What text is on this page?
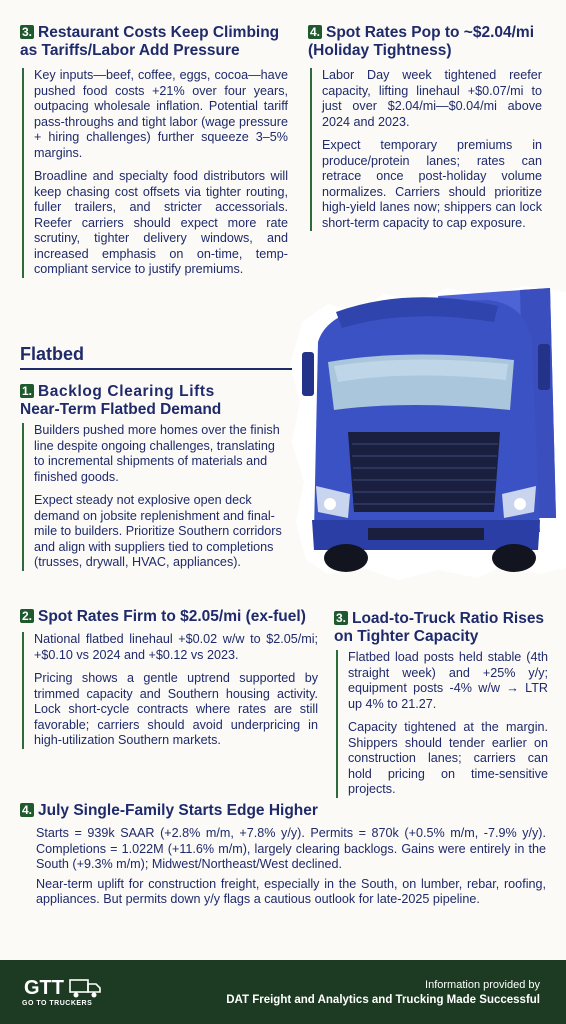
3. Restaurant Costs Keep Climbing
as Tariffs/Labor Add Pressure

Key inputs—beef, coffee, eggs, cocoa—have pushed food costs +21% over four years, outpacing wholesale inflation. Potential tariff pass-throughs and tight labor (wage pressure + hiring challenges) further squeeze 3–5% margins.

Broadline and specialty food distributors will keep chasing cost offsets via tighter routing, fuller trailers, and stricter accessorials. Reefer carriers should expect more rate scrutiny, tighter delivery windows, and increased emphasis on on-time, temp-compliant service to justify premiums.

4. Spot Rates Pop to ~$2.04/mi
(Holiday Tightness)

Labor Day week tightened reefer capacity, lifting linehaul +$0.07/mi to just over $2.04/mi—$0.04/mi above 2024 and 2023.

Expect temporary premiums in produce/protein lanes; rates can retrace once post-holiday volume normalizes. Carriers should prioritize high-yield lanes now; shippers can lock short-term capacity to cap exposure.

Flatbed
1. Backlog Clearing Lifts
Near-Term Flatbed Demand

Builders pushed more homes over the finish line despite ongoing challenges, translating to incremental shipments of materials and finished goods.

Expect steady not explosive open deck demand on jobsite replenishment and final-mile to builders. Prioritize Southern corridors and align with suppliers tied to completions (trusses, drywall, HVAC, appliances).

2. Spot Rates Firm to $2.05/mi (ex-fuel)

National flatbed linehaul +$0.02 w/w to $2.05/mi; +$0.10 vs 2024 and +$0.12 vs 2023.

Pricing shows a gentle uptrend supported by trimmed capacity and Southern housing activity. Lock short-cycle contracts where rates are still favorable; carriers should avoid underpricing in high-utilization Southern markets.

3. Load-to-Truck Ratio Rises
on Tighter Capacity

Flatbed load posts held stable (4th straight week) and +25% y/y; equipment posts -4% w/w → LTR up 4% to 21.27.

Capacity tightened at the margin. Shippers should tender earlier on construction lanes; carriers can hold pricing on time-sensitive projects.

4. July Single-Family Starts Edge Higher

Starts = 939k SAAR (+2.8% m/m, +7.8% y/y). Permits = 870k (+0.5% m/m, -7.9% y/y). Completions = 1.022M (+11.6% m/m), largely clearing backlogs. Gains were entirely in the South (+9.3% m/m); Midwest/Northeast/West declined.

Near-term uplift for construction freight, especially in the South, on lumber, rebar, roofing, appliances. But permits down y/y flags a cautious outlook for late-2025 pipeline.

GTT
GO TO TRUCKERS
Information provided by
DAT Freight and Analytics and Trucking Made Successful
